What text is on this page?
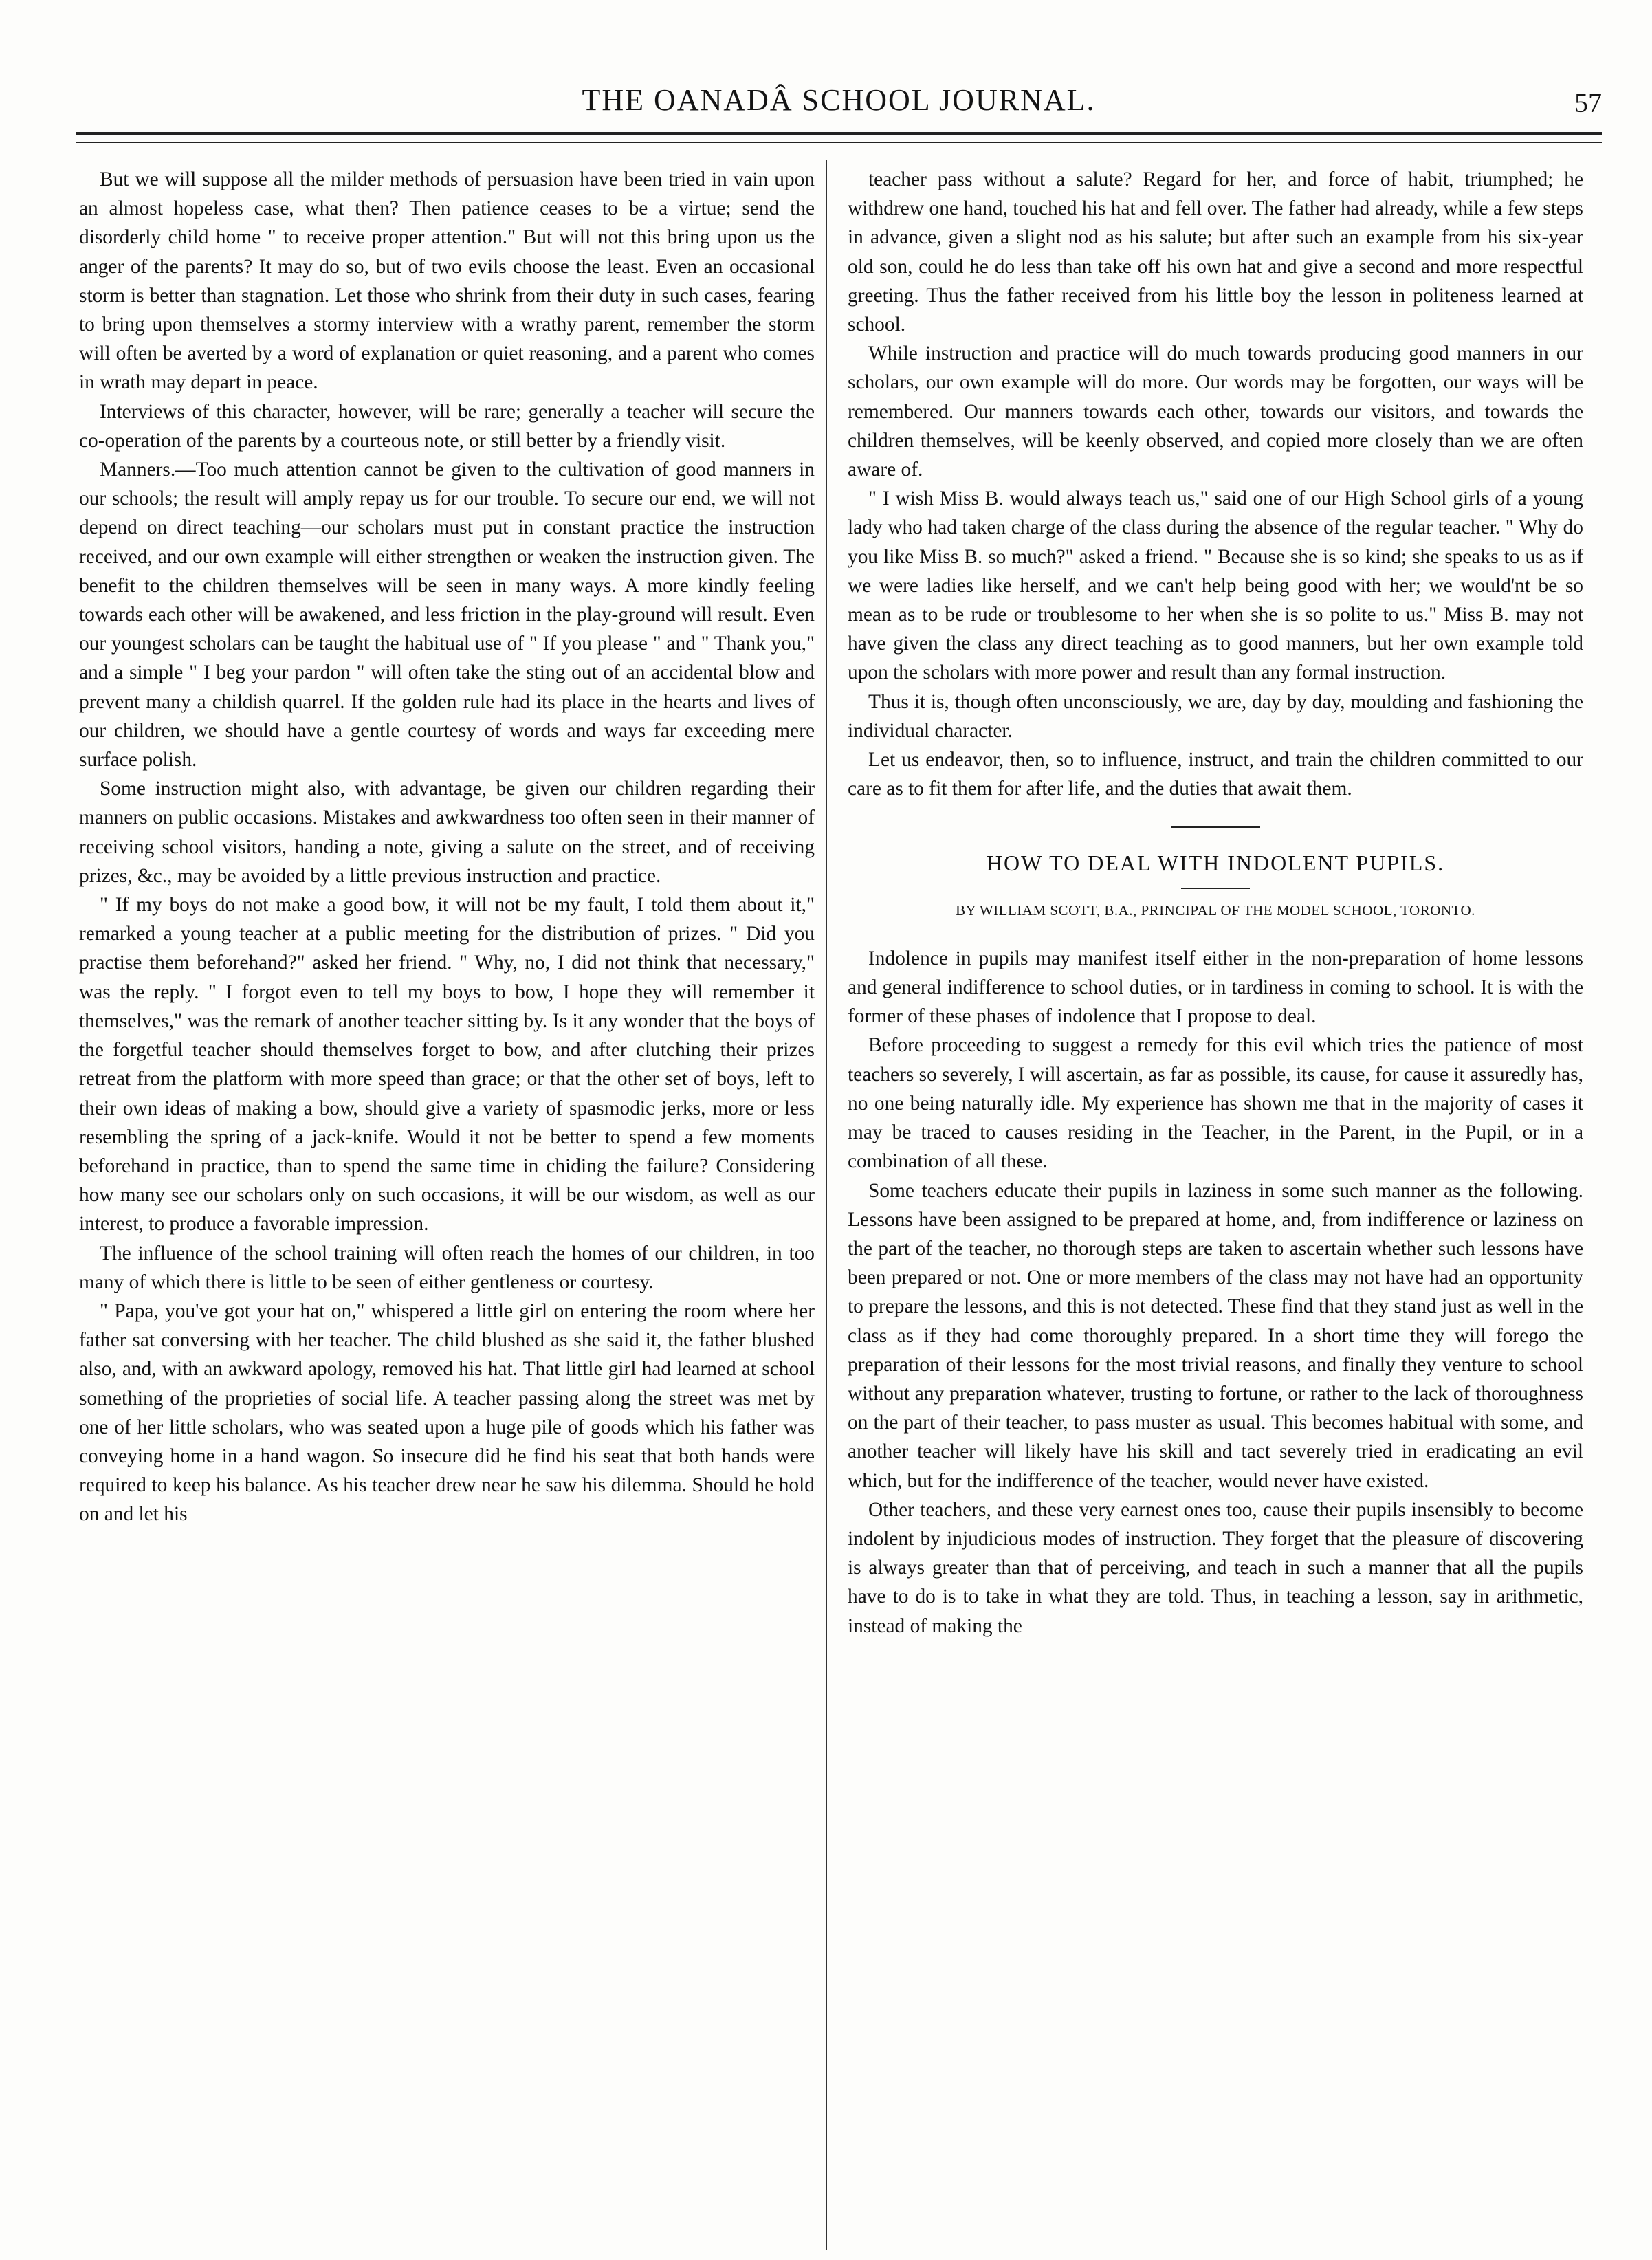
THE OANADÂ SCHOOL JOURNAL.	57

But we will suppose all the milder methods of persuasion have been tried in vain upon an almost hopeless case, what then? Then patience ceases to be a virtue; send the disorderly child home " to receive proper attention." But will not this bring upon us the anger of the parents? It may do so, but of two evils choose the least. Even an occasional storm is better than stagnation. Let those who shrink from their duty in such cases, fearing to bring upon themselves a stormy interview with a wrathy parent, remember the storm will often be averted by a word of explanation or quiet reasoning, and a parent who comes in wrath may depart in peace.

Interviews of this character, however, will be rare; generally a teacher will secure the co-operation of the parents by a courteous note, or still better by a friendly visit.

Manners.—Too much attention cannot be given to the cultivation of good manners in our schools; the result will amply repay us for our trouble. To secure our end, we will not depend on direct teaching—our scholars must put in constant practice the instruction received, and our own example will either strengthen or weaken the instruction given. The benefit to the children themselves will be seen in many ways. A more kindly feeling towards each other will be awakened, and less friction in the play-ground will result. Even our youngest scholars can be taught the habitual use of " If you please " and " Thank you," and a simple " I beg your pardon " will often take the sting out of an accidental blow and prevent many a childish quarrel. If the golden rule had its place in the hearts and lives of our children, we should have a gentle courtesy of words and ways far exceeding mere surface polish.

Some instruction might also, with advantage, be given our children regarding their manners on public occasions. Mistakes and awkwardness too often seen in their manner of receiving school visitors, handing a note, giving a salute on the street, and of receiving prizes, &c., may be avoided by a little previous instruction and practice.

" If my boys do not make a good bow, it will not be my fault, I told them about it," remarked a young teacher at a public meeting for the distribution of prizes. " Did you practise them beforehand?" asked her friend. " Why, no, I did not think that necessary," was the reply. " I forgot even to tell my boys to bow, I hope they will remember it themselves," was the remark of another teacher sitting by. Is it any wonder that the boys of the forgetful teacher should themselves forget to bow, and after clutching their prizes retreat from the platform with more speed than grace; or that the other set of boys, left to their own ideas of making a bow, should give a variety of spasmodic jerks, more or less resembling the spring of a jack-knife. Would it not be better to spend a few moments beforehand in practice, than to spend the same time in chiding the failure? Considering how many see our scholars only on such occasions, it will be our wisdom, as well as our interest, to produce a favorable impression.

The influence of the school training will often reach the homes of our children, in too many of which there is little to be seen of either gentleness or courtesy.

" Papa, you've got your hat on," whispered a little girl on entering the room where her father sat conversing with her teacher. The child blushed as she said it, the father blushed also, and, with an awkward apology, removed his hat. That little girl had learned at school something of the proprieties of social life. A teacher passing along the street was met by one of her little scholars, who was seated upon a huge pile of goods which his father was conveying home in a hand wagon. So insecure did he find his seat that both hands were required to keep his balance. As his teacher drew near he saw his dilemma. Should he hold on and let his

teacher pass without a salute? Regard for her, and force of habit, triumphed; he withdrew one hand, touched his hat and fell over. The father had already, while a few steps in advance, given a slight nod as his salute; but after such an example from his six-year old son, could he do less than take off his own hat and give a second and more respectful greeting. Thus the father received from his little boy the lesson in politeness learned at school.

While instruction and practice will do much towards producing good manners in our scholars, our own example will do more. Our words may be forgotten, our ways will be remembered. Our manners towards each other, towards our visitors, and towards the children themselves, will be keenly observed, and copied more closely than we are often aware of.

" I wish Miss B. would always teach us," said one of our High School girls of a young lady who had taken charge of the class during the absence of the regular teacher. " Why do you like Miss B. so much?" asked a friend. " Because she is so kind; she speaks to us as if we were ladies like herself, and we can't help being good with her; we would'nt be so mean as to be rude or troublesome to her when she is so polite to us." Miss B. may not have given the class any direct teaching as to good manners, but her own example told upon the scholars with more power and result than any formal instruction.

Thus it is, though often unconsciously, we are, day by day, moulding and fashioning the individual character.

Let us endeavor, then, so to influence, instruct, and train the children committed to our care as to fit them for after life, and the duties that await them.

HOW TO DEAL WITH INDOLENT PUPILS.
BY WILLIAM SCOTT, B.A., PRINCIPAL OF THE MODEL SCHOOL, TORONTO.

Indolence in pupils may manifest itself either in the non-preparation of home lessons and general indifference to school duties, or in tardiness in coming to school. It is with the former of these phases of indolence that I propose to deal.

Before proceeding to suggest a remedy for this evil which tries the patience of most teachers so severely, I will ascertain, as far as possible, its cause, for cause it assuredly has, no one being naturally idle. My experience has shown me that in the majority of cases it may be traced to causes residing in the Teacher, in the Parent, in the Pupil, or in a combination of all these.

Some teachers educate their pupils in laziness in some such manner as the following. Lessons have been assigned to be prepared at home, and, from indifference or laziness on the part of the teacher, no thorough steps are taken to ascertain whether such lessons have been prepared or not. One or more members of the class may not have had an opportunity to prepare the lessons, and this is not detected. These find that they stand just as well in the class as if they had come thoroughly prepared. In a short time they will forego the preparation of their lessons for the most trivial reasons, and finally they venture to school without any preparation whatever, trusting to fortune, or rather to the lack of thoroughness on the part of their teacher, to pass muster as usual. This becomes habitual with some, and another teacher will likely have his skill and tact severely tried in eradicating an evil which, but for the indifference of the teacher, would never have existed.

Other teachers, and these very earnest ones too, cause their pupils insensibly to become indolent by injudicious modes of instruction. They forget that the pleasure of discovering is always greater than that of perceiving, and teach in such a manner that all the pupils have to do is to take in what they are told. Thus, in teaching a lesson, say in arithmetic, instead of making the
